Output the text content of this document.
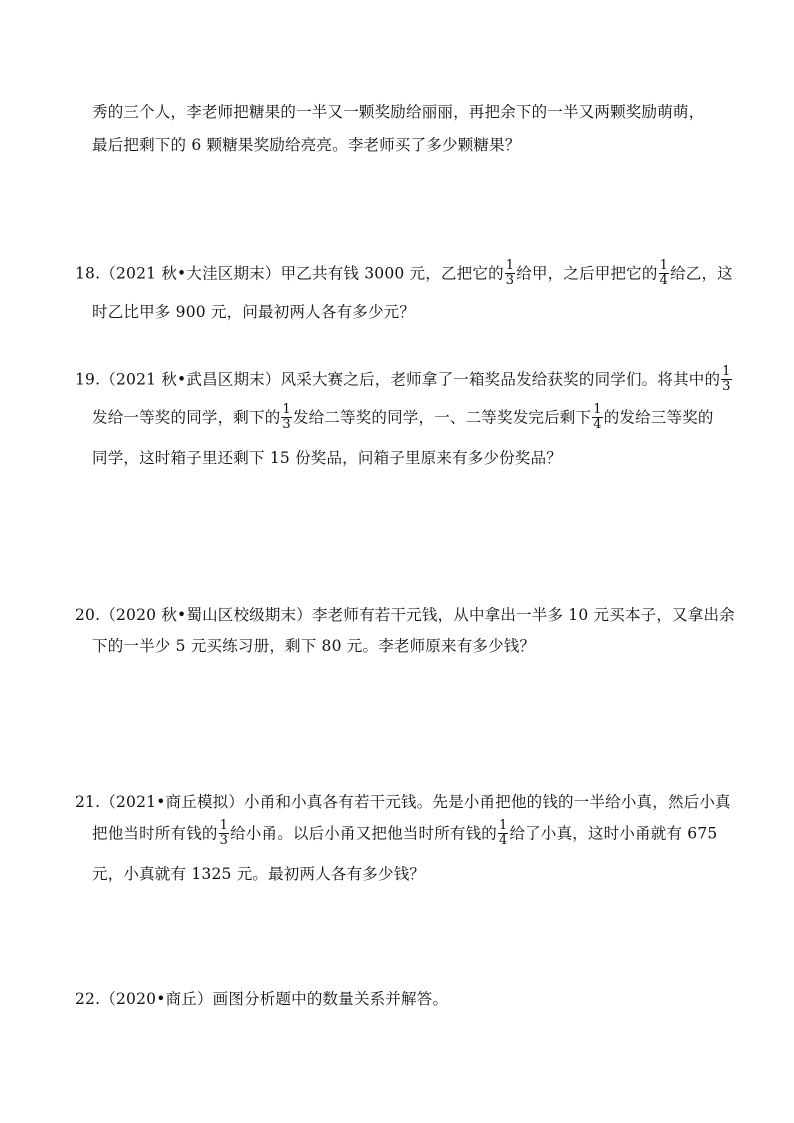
秀的三个人，李老师把糖果的一半又一颗奖励给丽丽，再把余下的一半又两颗奖励萌萌，
最后把剩下的 6 颗糖果奖励给亮亮。李老师买了多少颗糖果？
18.（2021 秋•大洼区期末）甲乙共有钱 3000 元，乙把它的 $\frac{1}{3}$ 给甲，之后甲把它的 $\frac{1}{4}$ 给乙，这
时乙比甲多 900 元，问最初两人各有多少元？
19.（2021 秋•武昌区期末）风采大赛之后，老师拿了一箱奖品发给获奖的同学们。将其中的 $\frac{1}{3}$
发给一等奖的同学，剩下的 $\frac{1}{3}$ 发给二等奖的同学，一、二等奖发完后剩下 $\frac{1}{4}$ 的发给三等奖的
同学，这时箱子里还剩下 15 份奖品，问箱子里原来有多少份奖品？
20.（2020 秋•蜀山区校级期末）李老师有若干元钱，从中拿出一半多 10 元买本子，又拿出余
下的一半少 5 元买练习册，剩下 80 元。李老师原来有多少钱？
21.（2021•商丘模拟）小甬和小真各有若干元钱。先是小甬把他的钱的一半给小真，然后小真
把他当时所有钱的 $\frac{1}{3}$ 给小甬。以后小甬又把他当时所有钱的 $\frac{1}{4}$ 给了小真，这时小甬就有 675
元，小真就有 1325 元。最初两人各有多少钱？
22.（2020•商丘）画图分析题中的数量关系并解答。
